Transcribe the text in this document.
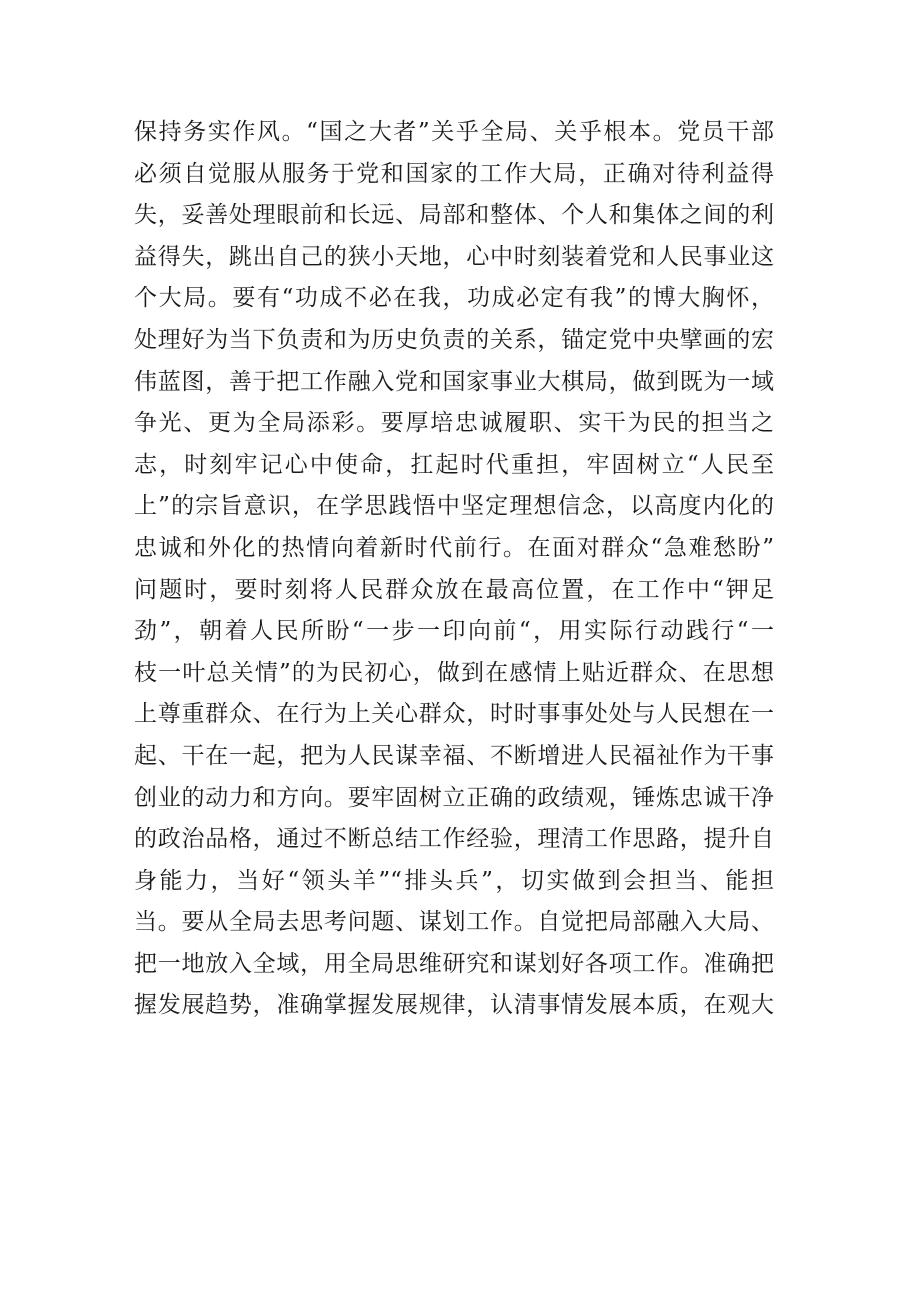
保持务实作风。“国之大者”关乎全局、关乎根本。党员干部
必须自觉服从服务于党和国家的工作大局，正确对待利益得
失，妥善处理眼前和长远、局部和整体、个人和集体之间的利
益得失，跳出自己的狭小天地，心中时刻装着党和人民事业这
个大局。要有“功成不必在我，功成必定有我”的博大胸怀，
处理好为当下负责和为历史负责的关系，锚定党中央擘画的宏
伟蓝图，善于把工作融入党和国家事业大棋局，做到既为一域
争光、更为全局添彩。要厚培忠诚履职、实干为民的担当之
志，时刻牢记心中使命，扛起时代重担，牢固树立“人民至
上”的宗旨意识，在学思践悟中坚定理想信念，以高度内化的
忠诚和外化的热情向着新时代前行。在面对群众“急难愁盼”
问题时，要时刻将人民群众放在最高位置，在工作中“钾足
劲”，朝着人民所盼“一步一印向前“，用实际行动践行“一
枝一叶总关情”的为民初心，做到在感情上贴近群众、在思想
上尊重群众、在行为上关心群众，时时事事处处与人民想在一
起、干在一起，把为人民谋幸福、不断增进人民福祉作为干事
创业的动力和方向。要牢固树立正确的政绩观，锤炼忠诚干净
的政治品格，通过不断总结工作经验，理清工作思路，提升自
身能力，当好“领头羊”“排头兵”，切实做到会担当、能担
当。要从全局去思考问题、谋划工作。自觉把局部融入大局、
把一地放入全域，用全局思维研究和谋划好各项工作。准确把
握发展趋势，准确掌握发展规律，认清事情发展本质，在观大
